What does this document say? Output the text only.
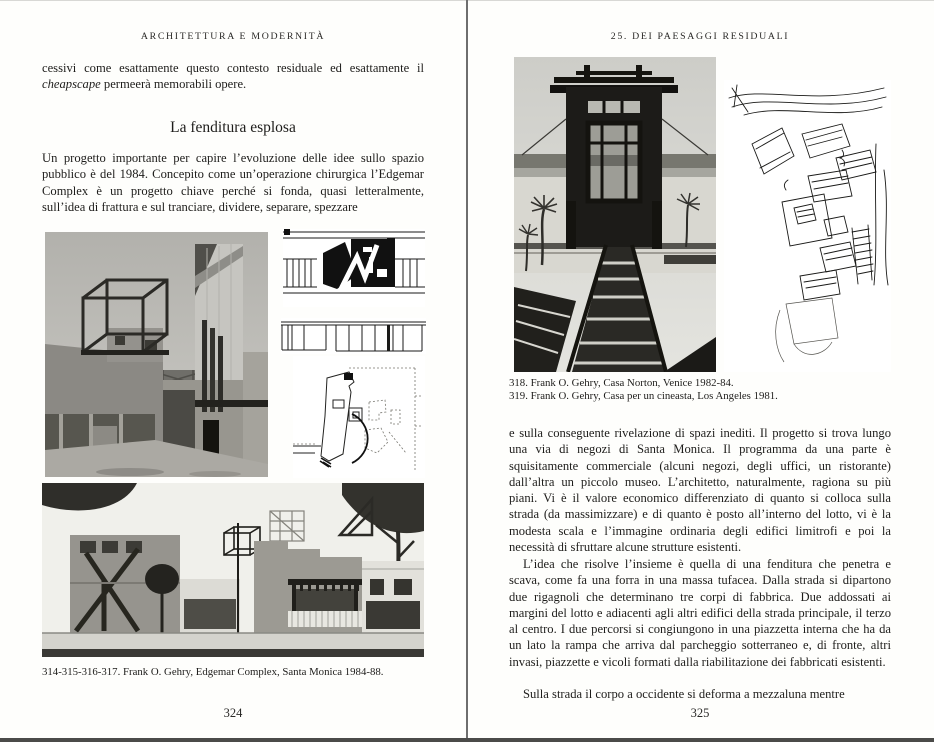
ARCHITETTURA E MODERNITÀ

cessivi come esattamente questo contesto residuale ed esattamente il cheapscape permeerà memorabili opere.

La fenditura esplosa

Un progetto importante per capire l’evoluzione delle idee sullo spazio pubblico è del 1984. Concepito come un’operazione chirurgica l’Edgemar Complex è un progetto chiave perché si fonda, quasi letteralmente, sull’idea di frattura e sul tranciare, dividere, separare, spezzare

314-315-316-317. Frank O. Gehry, Edgemar Complex, Santa Monica 1984-88.

324
25. DEI PAESAGGI RESIDUALI

318. Frank O. Gehry, Casa Norton, Venice 1982-84.

319. Frank O. Gehry, Casa per un cineasta, Los Angeles 1981.

e sulla conseguente rivelazione di spazi inediti. Il progetto si trova lungo una via di negozi di Santa Monica. Il programma da una parte è squisitamente commerciale (alcuni negozi, degli uffici, un ristorante) dall’altra un piccolo museo. L’architetto, naturalmente, ragiona su più piani. Vi è il valore economico differenziato di quanto si colloca sulla strada (da massimizzare) e di quanto è posto all’interno del lotto, vi è la modesta scala e l’immagine ordinaria degli edifici limitrofi e poi la necessità di sfruttare alcune strutture esistenti.

L’idea che risolve l’insieme è quella di una fenditura che penetra e scava, come fa una forra in una massa tufacea. Dalla strada si dipartono due rigagnoli che determinano tre corpi di fabbrica. Due addossati ai margini del lotto e adiacenti agli altri edifici della strada principale, il terzo al centro. I due percorsi si congiungono in una piazzetta interna che ha da un lato la rampa che arriva dal parcheggio sotterraneo e, di fronte, altri invasi, piazzette e vicoli formati dalla riabilitazione dei fabbricati esistenti.

Sulla strada il corpo a occidente si deforma a mezzaluna mentre

325
